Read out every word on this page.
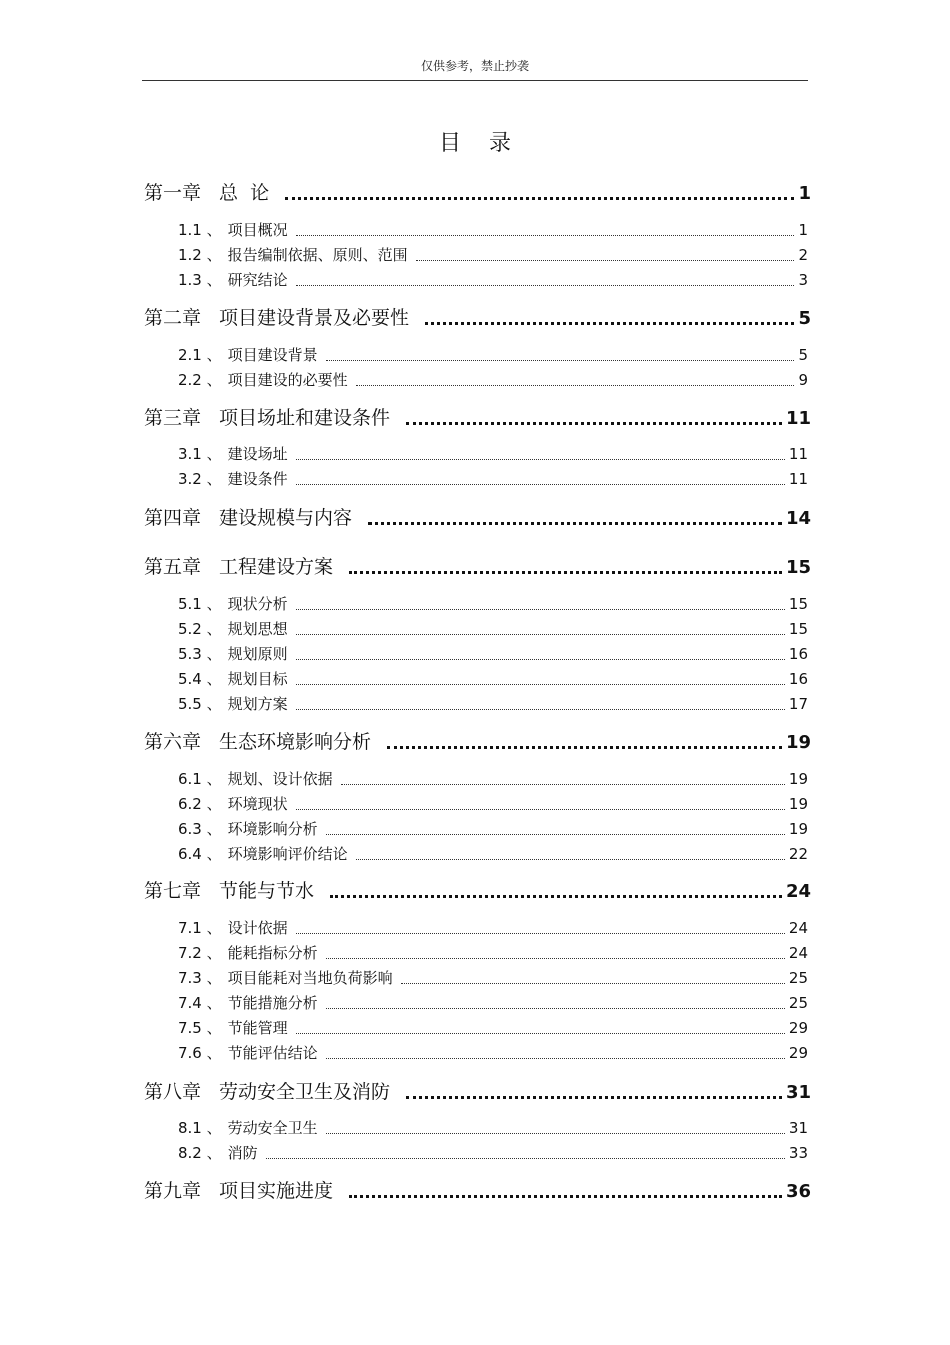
仅供参考，禁止抄袭
目录
第一章 总  论	1
1.1 、 项目概况	1
1.2 、 报告编制依据、原则、范围	2
1.3 、 研究结论	3
第二章 项目建设背景及必要性	5
2.1 、 项目建设背景	5
2.2 、 项目建设的必要性	9
第三章 项目场址和建设条件	11
3.1 、 建设场址	11
3.2 、 建设条件	11
第四章 建设规模与内容	14
第五章 工程建设方案	15
5.1 、 现状分析	15
5.2 、 规划思想	15
5.3 、 规划原则	16
5.4 、 规划目标	16
5.5 、 规划方案	17
第六章 生态环境影响分析	19
6.1 、 规划、设计依据	19
6.2 、 环境现状	19
6.3 、 环境影响分析	19
6.4 、 环境影响评价结论	22
第七章 节能与节水	24
7.1 、 设计依据	24
7.2 、 能耗指标分析	24
7.3 、 项目能耗对当地负荷影响	25
7.4 、 节能措施分析	25
7.5 、 节能管理	29
7.6 、 节能评估结论	29
第八章 劳动安全卫生及消防	31
8.1 、 劳动安全卫生	31
8.2 、 消防	33
第九章 项目实施进度	36
